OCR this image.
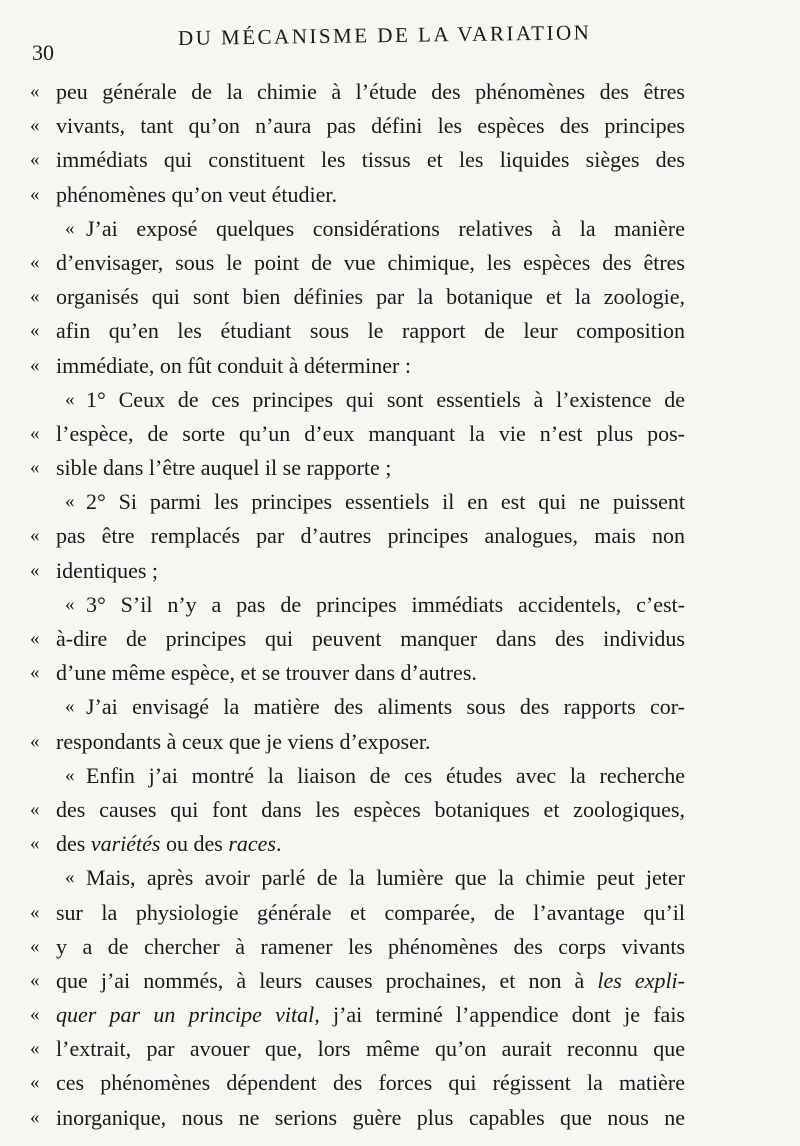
30
DU MÉCANISME DE LA VARIATION
« peu générale de la chimie à l’étude des phénomènes des êtres
« vivants, tant qu’on n’aura pas défini les espèces des principes
« immédiats qui constituent les tissus et les liquides sièges des
« phénomènes qu’on veut étudier.
« J’ai exposé quelques considérations relatives à la manière
« d’envisager, sous le point de vue chimique, les espèces des êtres
« organisés qui sont bien définies par la botanique et la zoologie,
« afin qu’en les étudiant sous le rapport de leur composition
« immédiate, on fût conduit à déterminer :
« 1° Ceux de ces principes qui sont essentiels à l’existence de
« l’espèce, de sorte qu’un d’eux manquant la vie n’est plus pos-
« sible dans l’être auquel il se rapporte ;
« 2° Si parmi les principes essentiels il en est qui ne puissent
« pas être remplacés par d’autres principes analogues, mais non
« identiques ;
« 3° S’il n’y a pas de principes immédiats accidentels, c’est-
« à-dire de principes qui peuvent manquer dans des individus
« d’une même espèce, et se trouver dans d’autres.
« J’ai envisagé la matière des aliments sous des rapports cor-
« respondants à ceux que je viens d’exposer.
« Enfin j’ai montré la liaison de ces études avec la recherche
« des causes qui font dans les espèces botaniques et zoologiques,
« des variétés ou des races.
« Mais, après avoir parlé de la lumière que la chimie peut jeter
« sur la physiologie générale et comparée, de l’avantage qu’il
« y a de chercher à ramener les phénomènes des corps vivants
« que j’ai nommés, à leurs causes prochaines, et non à les expli-
« quer par un principe vital, j’ai terminé l’appendice dont je fais
« l’extrait, par avouer que, lors même qu’on aurait reconnu que
« ces phénomènes dépendent des forces qui régissent la matière
« inorganique, nous ne serions guère plus capables que nous ne
